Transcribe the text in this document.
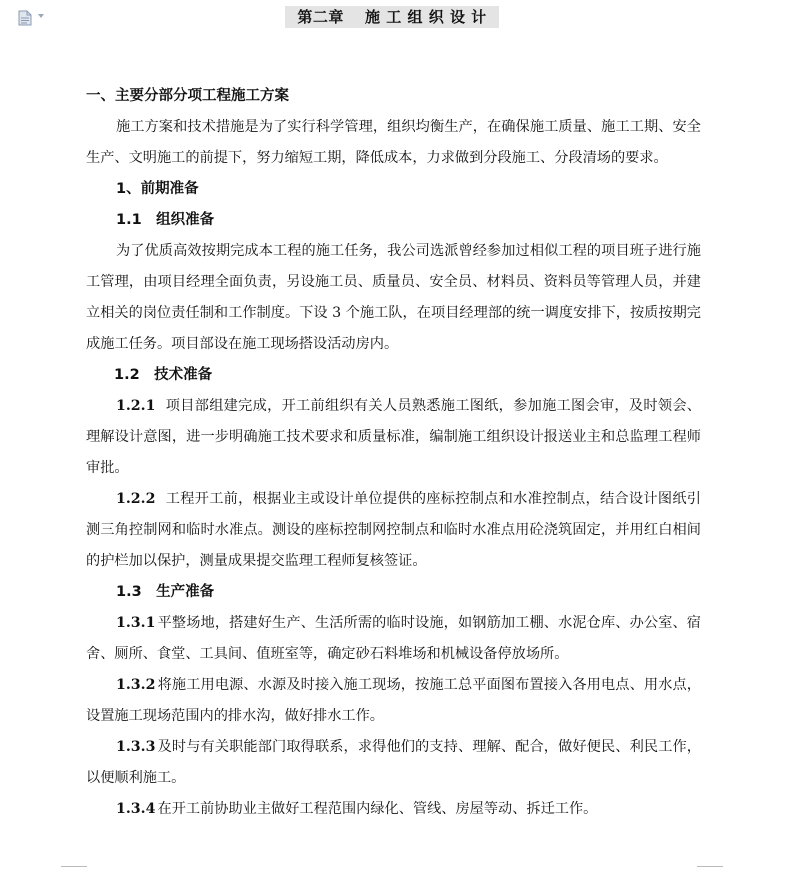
第二章　 施 工 组 织 设 计
一、主要分部分项工程施工方案
施工方案和技术措施是为了实行科学管理，组织均衡生产，在确保施工质量、施工工期、安全生产、文明施工的前提下，努力缩短工期，降低成本，力求做到分段施工、分段清场的要求。
1、前期准备
1.1　组织准备
为了优质高效按期完成本工程的施工任务，我公司选派曾经参加过相似工程的项目班子进行施工管理，由项目经理全面负责，另设施工员、质量员、安全员、材料员、资料员等管理人员，并建立相关的岗位责任制和工作制度。下设 3 个施工队，在项目经理部的统一调度安排下，按质按期完成施工任务。项目部设在施工现场搭设活动房内。
1.2　技术准备
1.2.1 项目部组建完成，开工前组织有关人员熟悉施工图纸，参加施工图会审，及时领会、理解设计意图，进一步明确施工技术要求和质量标准，编制施工组织设计报送业主和总监理工程师审批。
1.2.2 工程开工前，根据业主或设计单位提供的座标控制点和水准控制点，结合设计图纸引测三角控制网和临时水准点。测设的座标控制网控制点和临时水准点用砼浇筑固定，并用红白相间的护栏加以保护，测量成果提交监理工程师复核签证。
1.3　生产准备
1.3.1 平整场地，搭建好生产、生活所需的临时设施，如钢筋加工棚、水泥仓库、办公室、宿舍、厕所、食堂、工具间、值班室等，确定砂石料堆场和机械设备停放场所。
1.3.2 将施工用电源、水源及时接入施工现场，按施工总平面图布置接入各用电点、用水点，设置施工现场范围内的排水沟，做好排水工作。
1.3.3 及时与有关职能部门取得联系，求得他们的支持、理解、配合，做好便民、利民工作，以便顺利施工。
1.3.4 在开工前协助业主做好工程范围内绿化、管线、房屋等动、拆迁工作。
